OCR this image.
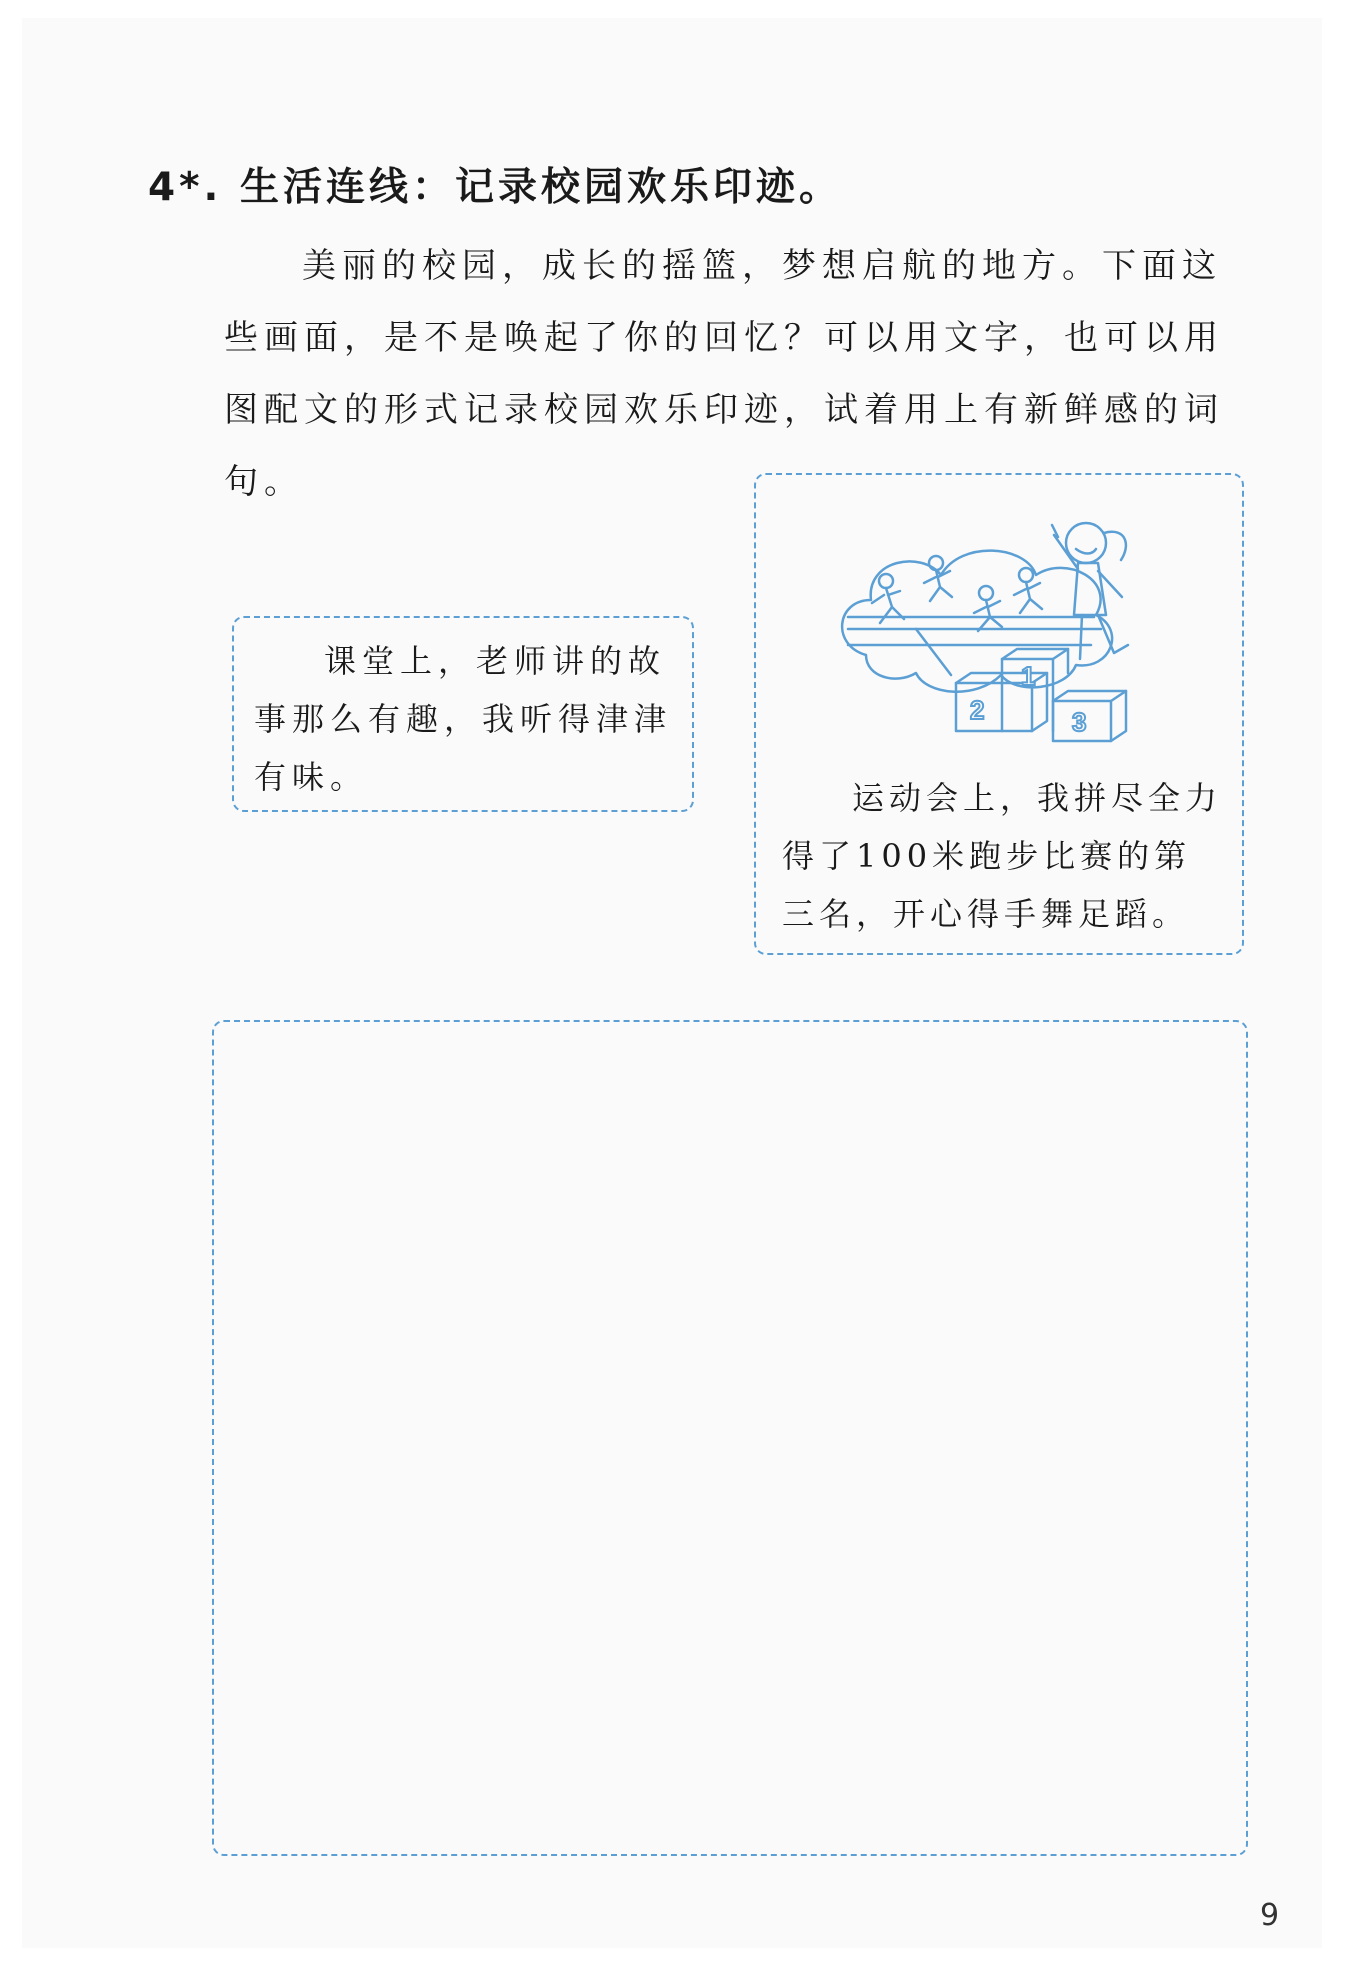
4*. 生活连线：记录校园欢乐印迹。

美丽的校园，成长的摇篮，梦想启航的地方。下面这些画面，是不是唤起了你的回忆？可以用文字，也可以用图配文的形式记录校园欢乐印迹，试着用上有新鲜感的词句。

课堂上，老师讲的故事那么有趣，我听得津津有味。

1
2	3

运动会上，我拼尽全力得了100米跑步比赛的第三名，开心得手舞足蹈。

9
